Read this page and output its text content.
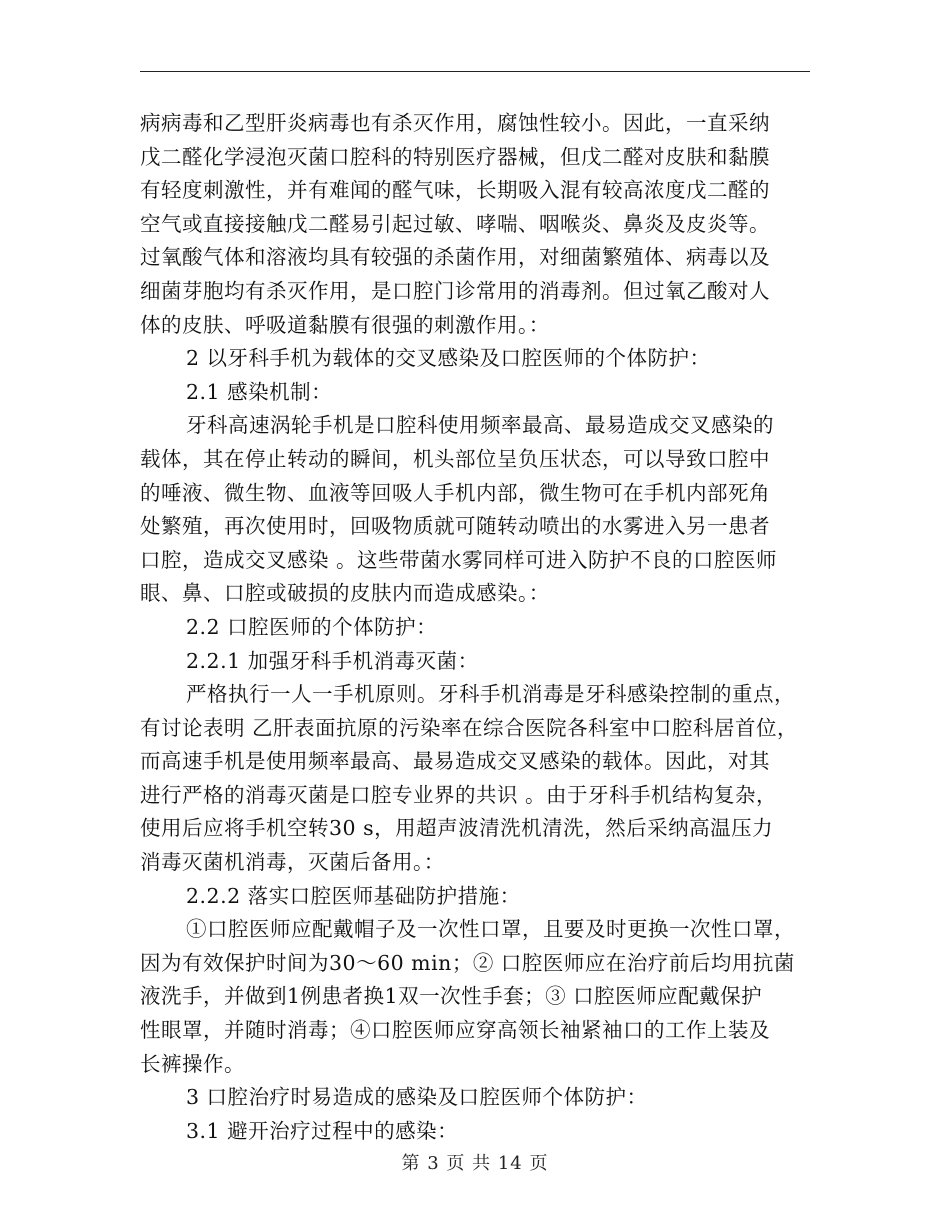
病病毒和乙型肝炎病毒也有杀灭作用，腐蚀性较小。因此，一直采纳
戊二醛化学浸泡灭菌口腔科的特别医疗器械，但戊二醛对皮肤和黏膜
有轻度刺激性，并有难闻的醛气味，长期吸入混有较高浓度戊二醛的
空气或直接接触戊二醛易引起过敏、哮喘、咽喉炎、鼻炎及皮炎等。
过氧酸气体和溶液均具有较强的杀菌作用，对细菌繁殖体、病毒以及
细菌芽胞均有杀灭作用，是口腔门诊常用的消毒剂。但过氧乙酸对人
体的皮肤、呼吸道黏膜有很强的刺激作用。：
2 以牙科手机为载体的交叉感染及口腔医师的个体防护：
2.1 感染机制：
牙科高速涡轮手机是口腔科使用频率最高、最易造成交叉感染的
载体，其在停止转动的瞬间，机头部位呈负压状态，可以导致口腔中
的唾液、微生物、血液等回吸人手机内部，微生物可在手机内部死角
处繁殖，再次使用时，回吸物质就可随转动喷出的水雾进入另一患者
口腔，造成交叉感染 。这些带菌水雾同样可进入防护不良的口腔医师
眼、鼻、口腔或破损的皮肤内而造成感染。：
2.2 口腔医师的个体防护：
2.2.1 加强牙科手机消毒灭菌：
严格执行一人一手机原则。牙科手机消毒是牙科感染控制的重点，
有讨论表明 乙肝表面抗原的污染率在综合医院各科室中口腔科居首位，
而高速手机是使用频率最高、最易造成交叉感染的载体。因此，对其
进行严格的消毒灭菌是口腔专业界的共识 。由于牙科手机结构复杂，
使用后应将手机空转30 s，用超声波清洗机清洗，然后采纳高温压力
消毒灭菌机消毒，灭菌后备用。：
2.2.2 落实口腔医师基础防护措施：
①口腔医师应配戴帽子及一次性口罩，且要及时更换一次性口罩，
因为有效保护时间为30～60 min；② 口腔医师应在治疗前后均用抗菌
液洗手，并做到1例患者换1双一次性手套；③ 口腔医师应配戴保护
性眼罩，并随时消毒；④口腔医师应穿高领长袖紧袖口的工作上装及
长裤操作。
3 口腔治疗时易造成的感染及口腔医师个体防护：
3.1 避开治疗过程中的感染：
第 3 页 共 14 页
